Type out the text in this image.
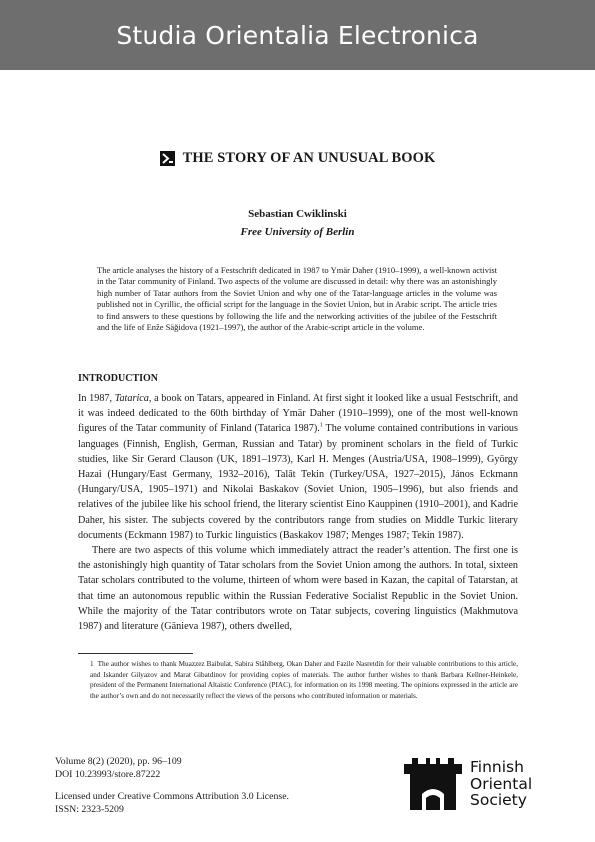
Studia Orientalia Electronica
THE STORY OF AN UNUSUAL BOOK
Sebastian Cwiklinski
Free University of Berlin

The article analyses the history of a Festschrift dedicated in 1987 to Ymär Daher (1910–1999), a well-known activist in the Tatar community of Finland. Two aspects of the volume are discussed in detail: why there was an astonishingly high number of Tatar authors from the Soviet Union and why one of the Tatar-language articles in the volume was published not in Cyrillic, the official script for the language in the Soviet Union, but in Arabic script. The article tries to find answers to these questions by following the life and the networking activities of the jubilee of the Festschrift and the life of Enže Säğidova (1921–1997), the author of the Arabic-script article in the volume.

INTRODUCTION

In 1987, Tatarica, a book on Tatars, appeared in Finland. At first sight it looked like a usual Festschrift, and it was indeed dedicated to the 60th birthday of Ymär Daher (1910–1999), one of the most well-known figures of the Tatar community of Finland (Tatarica 1987).$^1$ The volume contained contributions in various languages (Finnish, English, German, Russian and Tatar) by prominent scholars in the field of Turkic studies, like Sir Gerard Clauson (UK, 1891–1973), Karl H. Menges (Austria/USA, 1908–1999), György Hazai (Hungary/East Germany, 1932–2016), Talât Tekin (Turkey/USA, 1927–2015), János Eckmann (Hungary/USA, 1905–1971) and Nikolai Baskakov (Soviet Union, 1905–1996), but also friends and relatives of the jubilee like his school friend, the literary scientist Eino Kauppinen (1910–2001), and Kadrie Daher, his sister. The subjects covered by the contributors range from studies on Middle Turkic literary documents (Eckmann 1987) to Turkic linguistics (Baskakov 1987; Menges 1987; Tekin 1987).

There are two aspects of this volume which immediately attract the reader’s attention. The first one is the astonishingly high quantity of Tatar scholars from the Soviet Union among the authors. In total, sixteen Tatar scholars contributed to the volume, thirteen of whom were based in Kazan, the capital of Tatarstan, at that time an autonomous republic within the Russian Federative Socialist Republic in the Soviet Union. While the majority of the Tatar contributors wrote on Tatar subjects, covering linguistics (Makhmutova 1987) and literature (Gänieva 1987), others dwelled,

1 The author wishes to thank Muazzez Baibulat, Sabira Ståhlberg, Okan Daher and Fazile Nasretdin for their valuable contributions to this article, and Iskander Gilyazov and Marat Gibatdinov for providing copies of materials. The author further wishes to thank Barbara Kellner-Heinkele, president of the Permanent International Altaistic Conference (PIAC), for information on its 1998 meeting. The opinions expressed in the article are the author’s own and do not necessarily reflect the views of the persons who contributed information or materials.

Volume 8(2) (2020), pp. 96–109
DOI 10.23993/store.87222
Licensed under Creative Commons Attribution 3.0 License.
ISSN: 2323-5209
Finnish
Oriental
Society
